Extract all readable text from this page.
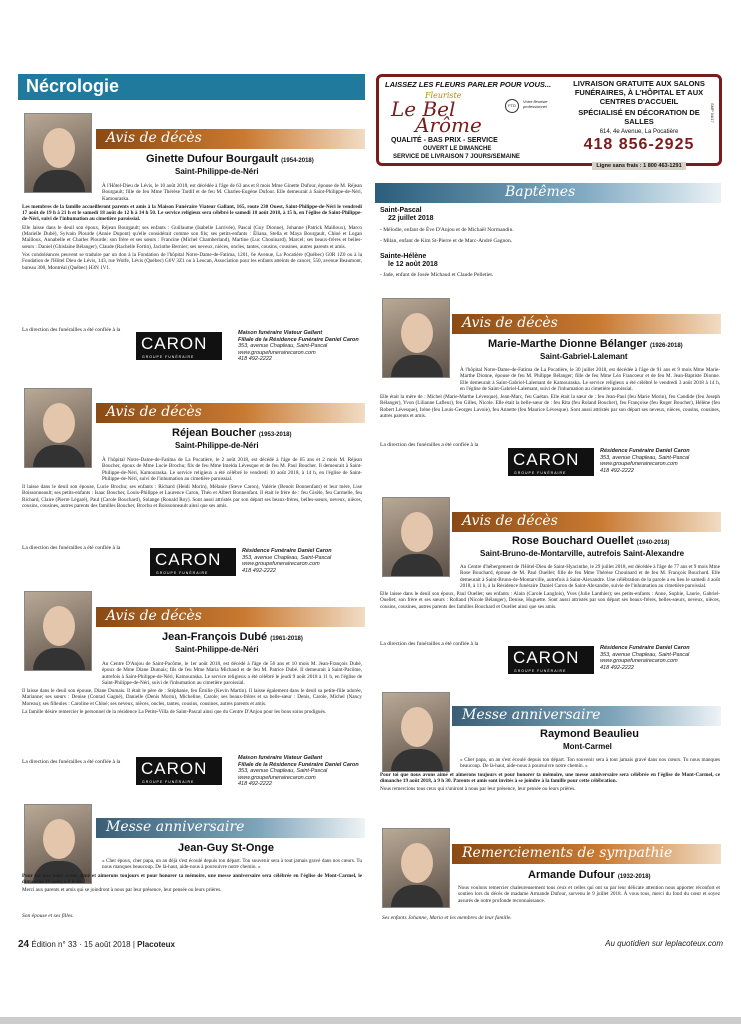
Nécrologie
Avis de décès
Ginette Dufour Bourgault (1954-2018)
Saint-Philippe-de-Néri

À l'Hôtel-Dieu de Lévis, le 10 août 2018, est décédée à l'âge de 63 ans et 8 mois Mme Ginette Dufour, épouse de M. Réjean Bourgault; fille de feu Mme Thérèse Tardif et de feu M. Charles-Eugène Dufour. Elle demeurait à Saint-Philippe-de-Néri, Kamouraska.

Les membres de la famille accueilleront parents et amis à la Maison Funéraire Viateur Gallant, 165, route 230 Ouest, Saint-Philippe-de-Néri le vendredi 17 août de 19 h à 21 h et le samedi 18 août de 12 h à 14 h 50. Le service religieux sera célébré le samedi 18 août 2018, à 15 h, en l'église de Saint-Philippe-de-Néri, suivi de l'inhumation au cimetière paroissial.

Elle laisse dans le deuil son époux, Réjean Bourgault; ses enfants : Guillaume (Isabelle Larrivée), Pascal (Guy Dionne), Johanne (Patrick Mailloux), Marco (Marielle Dubé), Sylvain Plourde (Annie Dupont) qu'elle considérait comme son fils; ses petits-enfants : Éliana, Stella et Maya Bourgault, Chloé et Logan Mailloux, Annabelle et Charles Plourde; son frère et ses sœurs : Francine (Michel Chamberland), Martine (Luc Chouinard), Marcel; ses beaux-frères et belles-sœurs : Daniel (Ghislaine Bélanger), Claude (Rachelle Fortin), Jacinthe Bernier; ses neveux, nièces, oncles, tantes, cousins, cousines, autres parents et amis.

Vos condoléances peuvent se traduire par un don à la Fondation de l'hôpital Notre-Dame-de-Fatima, 1201, 6e Avenue, La Pocatière (Québec) G0R 1Z0 ou à la Fondation de l'Hôtel Dieu de Lévis, 143, rue Wolfe, Lévis (Québec) G6V 3Z1 ou à Leucan, Association pour les enfants atteints de cancer, 550, avenue Beaumont, bureau 300, Montréal (Québec) H3N 1V1.

La direction des funérailles a été confiée à la
CARON
GROUPE FUNÉRAIRE
Maison funéraire Viateur Gallant
Filiale de la Résidence Funéraire Daniel Caron
353, avenue Chapleau, Saint-Pascal
www.groupefunerairecaron.com
418 492-2222
Avis de décès
Réjean Boucher (1953-2018)
Saint-Philippe-de-Néri

À l'hôpital Notre-Dame-de-Fatima de La Pocatière, le 2 août 2018, est décédé à l'âge de 65 ans et 2 mois M. Réjean Boucher, époux de Mme Lucie Brochu; fils de feu Mme Imelda Lévesque et de feu M. Paul Boucher. Il demeurait à Saint-Philippe-de-Néri, Kamouraska. Le service religieux a été célébré le vendredi 10 août 2018, à 14 h, en l'église de Saint-Philippe-de-Néri, suivi de l'inhumation au cimetière paroissial.

Il laisse dans le deuil son épouse, Lucie Brochu; ses enfants : Richard (Heidi Morin), Mélanie (Steve Caron), Valérie (Benoit Bonnenfant) et leur mère, Lise Boissonneault; ses petits-enfants : Isaac Boucher, Louis-Philippe et Laurence Caron, Théo et Albert Bonnenfant. Il était le frère de : feu Gisèle, feu Carmelle, feu Richard, Claire (Pierre Légaré), Paul (Carole Bouchard), Solange (Ronald Roy). Sont aussi attristés par son départ ses beaux-frères, belles-sœurs, neveux, nièces, cousins, cousines, autres parents des familles Boucher, Brochu et Boissonneault ainsi que ses amis.

La direction des funérailles a été confiée à la
CARON
GROUPE FUNÉRAIRE
Résidence Funéraire Daniel Caron
353, avenue Chapleau, Saint-Pascal
www.groupefunerairecaron.com
418 492-2222
Avis de décès
Jean-François Dubé (1961-2018)
Saint-Philippe-de-Néri

Au Centre D'Anjou de Saint-Pacôme, le 1er août 2018, est décédé à l'âge de 56 ans et 10 mois M. Jean-François Dubé, époux de Mme Diane Dumais; fils de feu Mme Maria Michaud et de feu M. Patrice Dubé. Il demeurait à Saint-Pacôme, autrefois à Saint-Philippe-de-Néri, Kamouraska. Le service religieux a été célébré le jeudi 9 août 2018 à 11 h, en l'église de Saint-Philippe-de-Néri, suivi de l'inhumation au cimetière paroissial.

Il laisse dans le deuil son épouse, Diane Dumais. Il était le père de : Stéphanie, feu Émilie (Kevin Martin). Il laisse également dans le deuil sa petite-fille adorée, Marianne; ses sœurs : Denise (Conrad Gagné), Danielle (Denis Morin), Micheline, Carole; ses beaux-frères et sa belle-sœur : Denis, Carole, Michel (Nancy Moreau); ses filleules : Caroline et Chloé; ses neveux, nièces, oncles, tantes, cousins, cousines, autres parents et amis.

La famille désire remercier le personnel de la résidence La Petite-Villa de Saint-Pascal ainsi que du Centre D'Anjou pour les bons soins prodigués.

La direction des funérailles a été confiée à la CARON
GROUPE FUNÉRAIRE
Maison funéraire Viateur Gallant
Filiale de la Résidence Funéraire Daniel Caron
353, avenue Chapleau, Saint-Pascal
www.groupefunerairecaron.com
418 492-2222
Messe anniversaire
Jean-Guy St-Onge

« Cher époux, cher papa, un an déjà s'est écoulé depuis ton départ. Ton souvenir sera à tout jamais gravé dans nos cœurs. Tu nous manques beaucoup. De là-haut, aide-nous à poursuivre notre chemin. »

Pour toi que nous avons aimé et aimerons toujours et pour honorer ta mémoire, une messe anniversaire sera célébrée en l'église de Mont-Carmel, le dimanche 19 août, à 9 h 30.

Merci aux parents et amis qui se joindront à nous par leur présence, leur pensée ou leurs prières.

Son épouse et ses filles.
LAISSEZ LES FLEURS PARLER POUR VOUS...
Fleuriste
Le Bel
Arôme
FTD
Votre fleuriste professionnel
QUALITÉ - BAS PRIX - SERVICE
OUVERT LE DIMANCHE
SERVICE DE LIVRAISON 7 JOURS/SEMAINE
LIVRAISON GRATUITE AUX SALONS FUNÉRAIRES, À L'HÔPITAL ET AUX CENTRES D'ACCUEIL
SPÉCIALISÉ EN DÉCORATION DE SALLES
614, 4e Avenue, La Pocatière
418 856-2925
Ligne sans frais : 1 800 463-1291
SMP 04/17
Baptêmes
Saint-Pascal
22 juillet 2018
- Mélodie, enfant de Ève D'Anjou et de Michaël Normandin.
- Milan, enfant de Kim St-Pierre et de Marc-André Gagnon.
Sainte-Hélène
le 12 août 2018
- Jade, enfant de Josée Michaud et Claude Pelletier.
Avis de décès
Marie-Marthe Dionne Bélanger (1926-2018)
Saint-Gabriel-Lalemant

À l'hôpital Notre-Dame-de-Fatima de La Pocatière, le 30 juillet 2018, est décédée à l'âge de 91 ans et 9 mois Mme Marie-Marthe Dionne, épouse de feu M. Philippe Bélanger; fille de feu Mme Léa Francoeur et de feu M. Jean-Baptiste Dionne. Elle demeurait à Saint-Gabriel-Lalemant de Kamouraska. Le service religieux a été célébré le vendredi 3 août 2018 à 14 h, en l'église de Saint-Gabriel-Lalemant, suivi de l'inhumation au cimetière paroissial.

Elle était la mère de : Michel (Marie-Marthe Lévesque), Jean-Marc, feu Gaétan. Elle était la sœur de : feu Jean-Paul (feu Marie Morin), feu Candide (feu Joseph Bélanger), Yvon (Lilianne Lafleur), feu Gilles, Nicole. Elle était la belle-sœur de : feu Rita (feu Roland Boucher), feu Françoise (feu Roger Boucher), Hélène (feu Robert Lévesque), Irène (feu Louis-Georges Lavoie), feu Annette (feu Maurice Lévesque). Sont aussi attristés par son départ ses neveux, nièces, cousins, cousines, autres parents et amis.

La direction des funérailles a été confiée à la
CARON
GROUPE FUNÉRAIRE
Résidence Funéraire Daniel Caron
353, avenue Chapleau, Saint-Pascal
www.groupefunerairecaron.com
418 492-2222
Avis de décès
Rose Bouchard Ouellet (1940-2018)
Saint-Bruno-de-Montarville, autrefois Saint-Alexandre

Au Centre d'hébergement de l'Hôtel-Dieu de Saint-Hyacinthe, le 29 juillet 2018, est décédée à l'âge de 77 ans et 9 mois Mme Rose Bouchard, épouse de M. Paul Ouellet; fille de feu Mme Thérèse Chouinard et de feu M. François Bouchard. Elle demeurait à Saint-Bruno-de-Montarville, autrefois à Saint-Alexandre. Une célébration de la parole a eu lieu le samedi 4 août 2018, à 11 h, à la Résidence funéraire Daniel Caron de Saint-Alexandre, suivie de l'inhumation au cimetière paroissial.

Elle laisse dans le deuil son époux, Paul Ouellet; ses enfants : Alain (Carole Langlois), Yves (Julie Lanthier); ses petits-enfants : Anne, Sophie, Laurie, Gabriel-Ouellet; son frère et ses sœurs : Rolland (Nicole Bélanger), Denise, Huguette. Sont aussi attristés par son départ ses beaux-frères, belles-sœurs, neveux, nièces, cousins, cousines, autres parents des familles Bouchard et Ouellet ainsi que ses amis.

La direction des funérailles a été confiée à la
CARON
GROUPE FUNÉRAIRE
Résidence Funéraire Daniel Caron
353, avenue Chapleau, Saint-Pascal
www.groupefunerairecaron.com
418 492-2222
Messe anniversaire
Raymond Beaulieu
Mont-Carmel

« Cher papa, un an s'est écoulé depuis ton départ. Ton souvenir sera à tout jamais gravé dans nos cœurs. Tu nous manques beaucoup. De là-haut, aide-nous à poursuivre notre chemin. »

Pour toi que nous avons aimé et aimerons toujours et pour honorer ta mémoire, une messe anniversaire sera célébrée en l'église de Mont-Carmel, ce dimanche 19 août 2018, à 9 h 30. Parents et amis sont invités à se joindre à la famille pour cette célébration.

Nous remercions tous ceux qui s'uniront à nous par leur présence, leur pensée ou leurs prières.

Remerciements de sympathie
Armande Dufour (1932-2018)

Nous voulons remercier chaleureusement tous ceux et celles qui ont su par leur délicate attention nous apporter réconfort et soutien lors du décès de madame Armande Dufour, survenu le 9 juillet 2018. À vous tous, merci du fond du cœur et soyez assurés de notre profonde reconnaissance.

Ses enfants Johanne, Mario et les membres de leur famille.
24 Édition n° 33 · 15 août 2018 | Placoteux	Au quotidien sur leplacoteux.com
